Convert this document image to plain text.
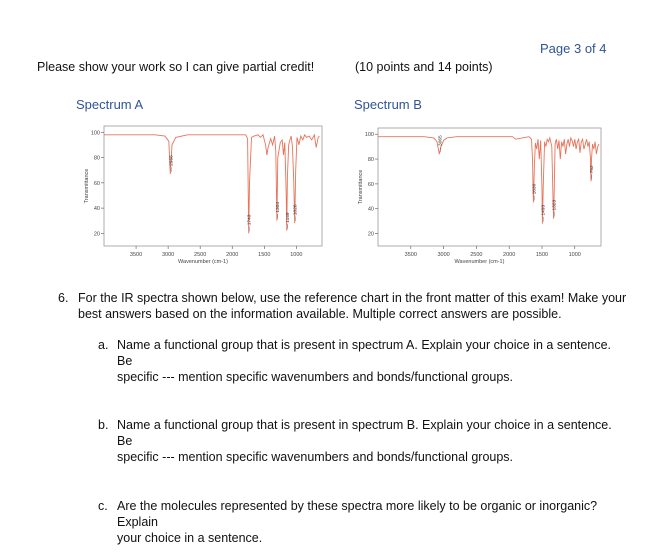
Page 3 of 4
Please show your work so I can give partial credit!	(10 points and 14 points)
Spectrum A
100
80
60
40
20
3500	3000	2500	2000	1500	1000
Wavenumber (cm-1)
Transmittance
— 2966
— 1743
— 1304
— 1149 — 1026
Spectrum B
100
80
60
40
20
3500	3000	2500	2000	1500	1000
Wavenumber (cm-1)
Transmittance
— 3065
— 1630
— 1493 — 1323
— 752
6. For the IR spectra shown below, use the reference chart in the front matter of this exam! Make your
best answers based on the information available. Multiple correct answers are possible.
a. Name a functional group that is present in spectrum A. Explain your choice in a sentence. Be
specific --- mention specific wavenumbers and bonds/functional groups.
b. Name a functional group that is present in spectrum B. Explain your choice in a sentence. Be
specific --- mention specific wavenumbers and bonds/functional groups.
c. Are the molecules represented by these spectra more likely to be organic or inorganic? Explain
your choice in a sentence.
